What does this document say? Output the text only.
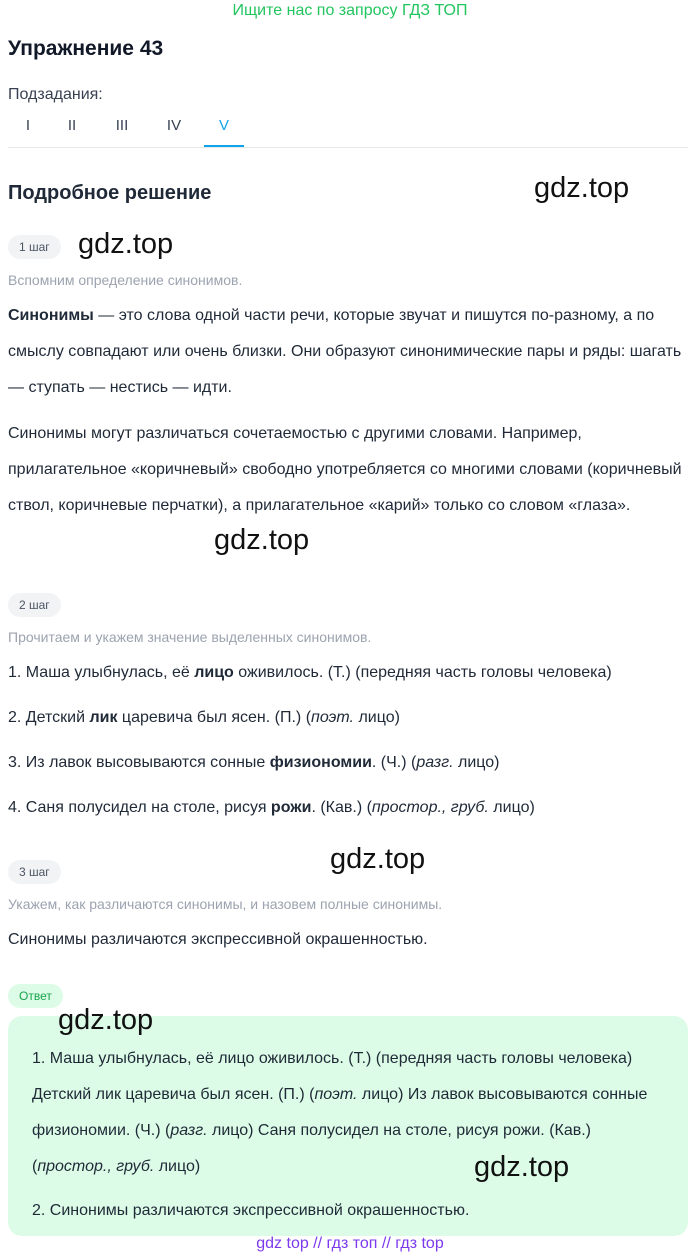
Ищите нас по запросу ГДЗ ТОП
Упражнение 43
Подзадания:
I	II	III	IV	V
Подробное решение	gdz.top
1 шаг gdz.top
Вспомним определение синонимов.
Синонимы — это слова одной части речи, которые звучат и пишутся по-разному, а по смыслу совпадают или очень близки. Они образуют синонимические пары и ряды: шагать — ступать — нестись — идти.
Синонимы могут различаться сочетаемостью с другими словами. Например, прилагательное «коричневый» свободно употребляется со многими словами (коричневый ствол, коричневые перчатки), а прилагательное «карий» только со словом «глаза».
gdz.top
2 шаг
Прочитаем и укажем значение выделенных синонимов.
1. Маша улыбнулась, её лицо оживилось. (Т.) (передняя часть головы человека)
2. Детский лик царевича был ясен. (П.) (поэт. лицо)
3. Из лавок высовываются сонные физиономии. (Ч.) (разг. лицо)
4. Саня полусидел на столе, рисуя рожи. (Кав.) (простор., груб. лицо)
gdz.top
3 шаг
Укажем, как различаются синонимы, и назовем полные синонимы.
Синонимы различаются экспрессивной окрашенностью.
Ответ
gdz.top
1. Маша улыбнулась, её лицо оживилось. (Т.) (передняя часть головы человека) Детский лик царевича был ясен. (П.) (поэт. лицо) Из лавок высовываются сонные физиономии. (Ч.) (разг. лицо) Саня полусидел на столе, рисуя рожи. (Кав.) (простор., груб. лицо)	gdz.top
2. Синонимы различаются экспрессивной окрашенностью.
gdz top // гдз топ // гдз top
